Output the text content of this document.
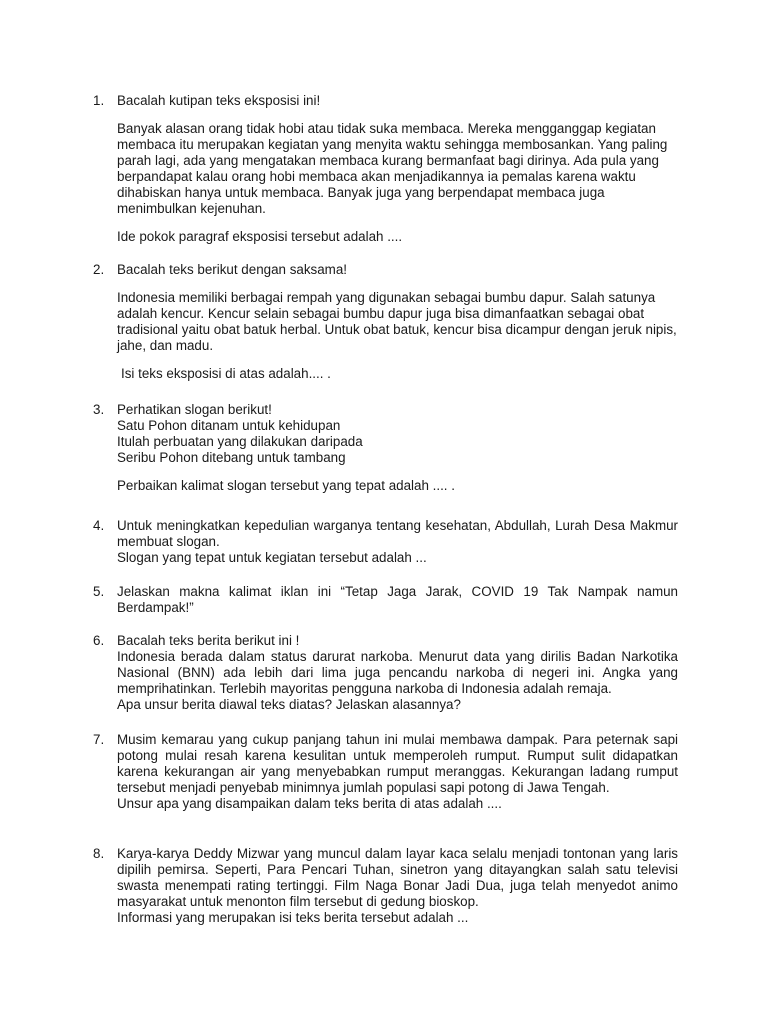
1. Bacalah kutipan teks eksposisi ini!

Banyak alasan orang tidak hobi atau tidak suka membaca. Mereka mengganggap kegiatan membaca itu merupakan kegiatan yang menyita waktu sehingga membosankan. Yang paling parah lagi, ada yang mengatakan membaca kurang bermanfaat bagi dirinya. Ada pula yang berpandapat kalau orang hobi membaca akan menjadikannya ia pemalas karena waktu dihabiskan hanya untuk membaca. Banyak juga yang berpendapat membaca juga menimbulkan kejenuhan.

Ide pokok paragraf eksposisi tersebut adalah ....

2. Bacalah teks berikut dengan saksama!

Indonesia memiliki berbagai rempah yang digunakan sebagai bumbu dapur. Salah satunya adalah kencur. Kencur selain sebagai bumbu dapur juga bisa dimanfaatkan sebagai obat tradisional yaitu obat batuk herbal. Untuk obat batuk, kencur bisa dicampur dengan jeruk nipis, jahe, dan madu.

Isi teks eksposisi di atas adalah.... .

3. Perhatikan slogan berikut!
Satu Pohon ditanam untuk kehidupan
Itulah perbuatan yang dilakukan daripada
Seribu Pohon ditebang untuk tambang

Perbaikan kalimat slogan tersebut yang tepat adalah .... .

4. Untuk meningkatkan kepedulian warganya tentang kesehatan, Abdullah, Lurah Desa Makmur membuat slogan.
Slogan yang tepat untuk kegiatan tersebut adalah ...
5. Jelaskan makna kalimat iklan ini “Tetap Jaga Jarak, COVID 19 Tak Nampak namun Berdampak!”
6. Bacalah teks berita berikut ini !
Indonesia berada dalam status darurat narkoba. Menurut data yang dirilis Badan Narkotika Nasional (BNN) ada lebih dari lima juga pencandu narkoba di negeri ini. Angka yang memprihatinkan. Terlebih mayoritas pengguna narkoba di Indonesia adalah remaja.
Apa unsur berita diawal teks diatas? Jelaskan alasannya?
7. Musim kemarau yang cukup panjang tahun ini mulai membawa dampak. Para peternak sapi potong mulai resah karena kesulitan untuk memperoleh rumput. Rumput sulit didapatkan karena kekurangan air yang menyebabkan rumput meranggas. Kekurangan ladang rumput tersebut menjadi penyebab minimnya jumlah populasi sapi potong di Jawa Tengah.
Unsur apa yang disampaikan dalam teks berita di atas adalah ....
8. Karya-karya Deddy Mizwar yang muncul dalam layar kaca selalu menjadi tontonan yang laris dipilih pemirsa. Seperti, Para Pencari Tuhan, sinetron yang ditayangkan salah satu televisi swasta menempati rating tertinggi. Film Naga Bonar Jadi Dua, juga telah menyedot animo masyarakat untuk menonton film tersebut di gedung bioskop.
Informasi yang merupakan isi teks berita tersebut adalah ...
